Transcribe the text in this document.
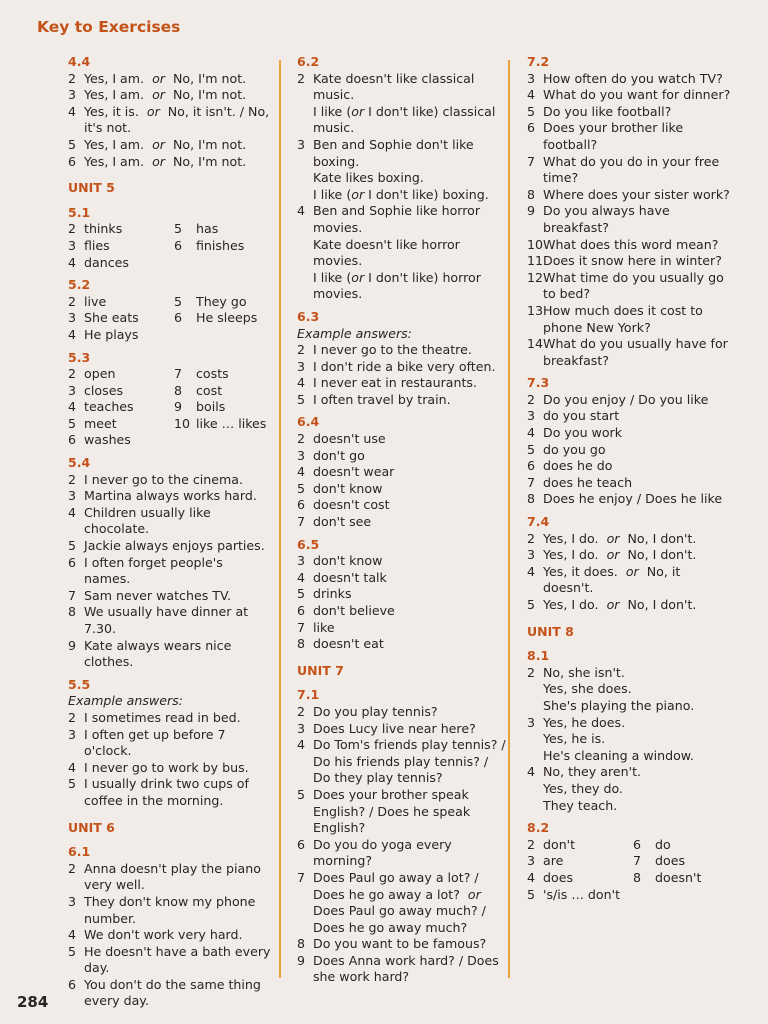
Key to Exercises
4.4
2 Yes, I am. or No, I'm not.
3 Yes, I am. or No, I'm not.
4 Yes, it is. or No, it isn't. / No, it's not.
5 Yes, I am. or No, I'm not.
6 Yes, I am. or No, I'm not.
UNIT 5
5.1
2 thinks	5	has
3 flies	6	finishes
4 dances
5.2
2 live	5	They go
3 She eats	6	He sleeps
4 He plays
5.3
2 open	7	costs
3 closes	8	cost
4 teaches	9	boils
5 meet	10 like … likes
6 washes
5.4
2 I never go to the cinema.
3 Martina always works hard.
4 Children usually like chocolate.
5 Jackie always enjoys parties.
6 I often forget people's names.
7 Sam never watches TV.
8 We usually have dinner at 7.30.
9 Kate always wears nice clothes.
5.5
Example answers:
2 I sometimes read in bed.
3 I often get up before 7 o'clock.
4 I never go to work by bus.
5 I usually drink two cups of coffee in the morning.
UNIT 6
6.1
2 Anna doesn't play the piano very well.
3 They don't know my phone number.
4 We don't work very hard.
5 He doesn't have a bath every day.
6 You don't do the same thing every day.
6.2
2 Kate doesn't like classical music.
I like (or I don't like) classical music.
3 Ben and Sophie don't like boxing.
Kate likes boxing.
I like (or I don't like) boxing.
4 Ben and Sophie like horror movies.
Kate doesn't like horror movies.
I like (or I don't like) horror movies.
6.3
Example answers:
2 I never go to the theatre.
3 I don't ride a bike very often.
4 I never eat in restaurants.
5 I often travel by train.
6.4
2 doesn't use
3 don't go
4 doesn't wear
5 don't know
6 doesn't cost
7 don't see
6.5
3 don't know
4 doesn't talk
5 drinks
6 don't believe
7 like
8 doesn't eat
UNIT 7
7.1
2 Do you play tennis?
3 Does Lucy live near here?
4 Do Tom's friends play tennis? / Do his friends play tennis? / Do they play tennis?
5 Does your brother speak English? / Does he speak English?
6 Do you do yoga every morning?
7 Does Paul go away a lot? / Does he go away a lot? or Does Paul go away much? / Does he go away much?
8 Do you want to be famous?
9 Does Anna work hard? / Does she work hard?
7.2
3 How often do you watch TV?
4 What do you want for dinner?
5 Do you like football?
6 Does your brother like football?
7 What do you do in your free time?
8 Where does your sister work?
9 Do you always have breakfast?
10 What does this word mean?
11 Does it snow here in winter?
12 What time do you usually go to bed?
13 How much does it cost to phone New York?
14 What do you usually have for breakfast?
7.3
2 Do you enjoy / Do you like
3 do you start
4 Do you work
5 do you go
6 does he do
7 does he teach
8 Does he enjoy / Does he like
7.4
2 Yes, I do. or No, I don't.
3 Yes, I do. or No, I don't.
4 Yes, it does. or No, it doesn't.
5 Yes, I do. or No, I don't.
UNIT 8
8.1
2 No, she isn't.
Yes, she does.
She's playing the piano.
3 Yes, he does.
Yes, he is.
He's cleaning a window.
4 No, they aren't.
Yes, they do.
They teach.
8.2
2 don't	6	do
3 are	7	does
4 does	8	doesn't
5 's/is … don't
284
